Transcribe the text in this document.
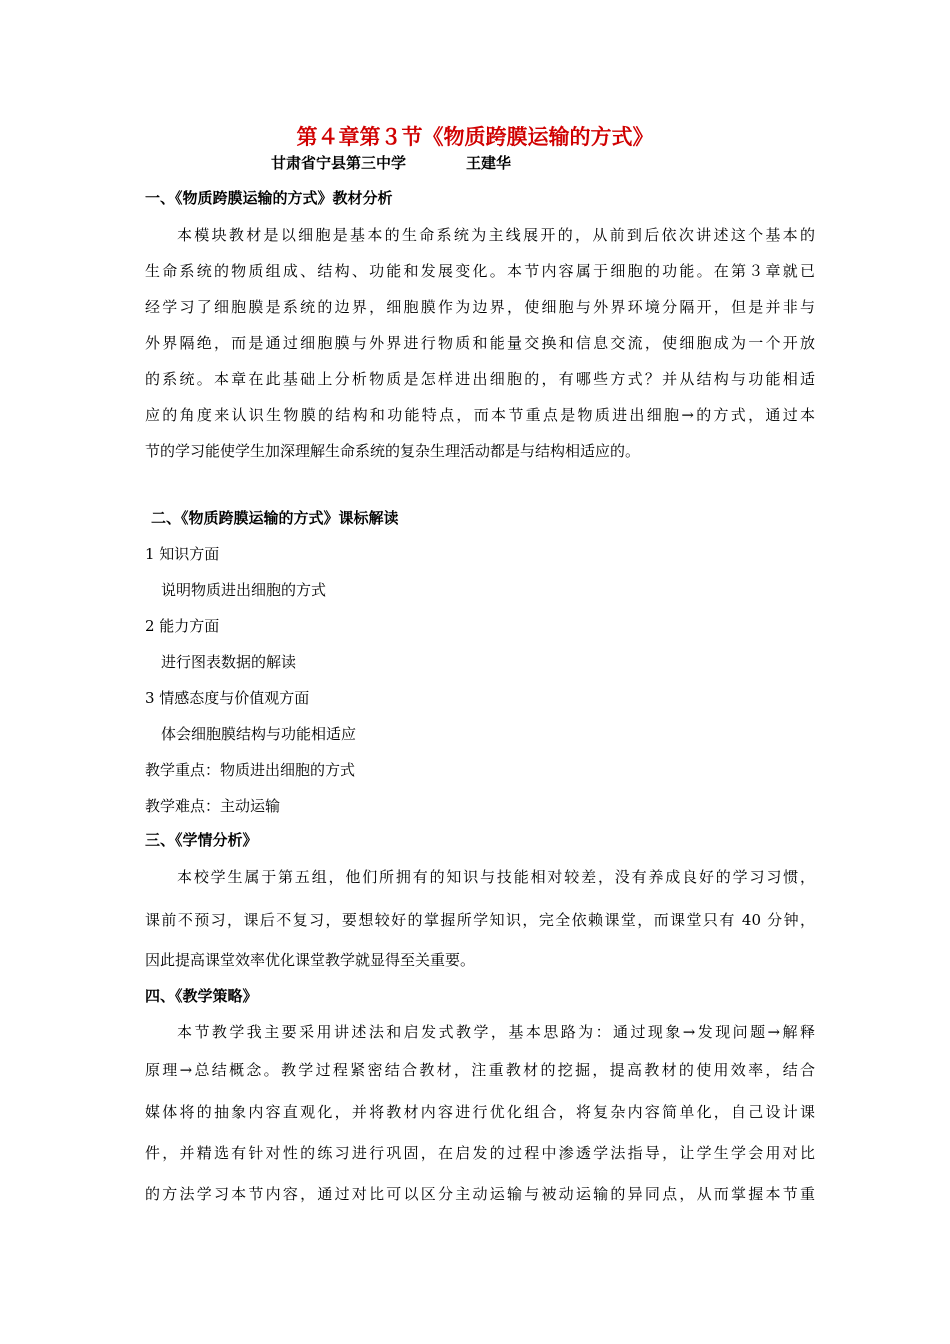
第４章第３节《物质跨膜运输的方式》
甘肃省宁县第三中学	王建华
一、《物质跨膜运输的方式》教材分析
本模块教材是以细胞是基本的生命系统为主线展开的，从前到后依次讲述这个基本的
生命系统的物质组成、结构、功能和发展变化。本节内容属于细胞的功能。在第３章就已
经学习了细胞膜是系统的边界，细胞膜作为边界，使细胞与外界环境分隔开，但是并非与
外界隔绝，而是通过细胞膜与外界进行物质和能量交换和信息交流，使细胞成为一个开放
的系统。本章在此基础上分析物质是怎样进出细胞的，有哪些方式？并从结构与功能相适
应的角度来认识生物膜的结构和功能特点，而本节重点是物质进出细胞→的方式，通过本
节的学习能使学生加深理解生命系统的复杂生理活动都是与结构相适应的。
二、《物质跨膜运输的方式》课标解读
1 知识方面
说明物质进出细胞的方式
2 能力方面
进行图表数据的解读
3 情感态度与价值观方面
体会细胞膜结构与功能相适应
教学重点：物质进出细胞的方式
教学难点：主动运输
三、《学情分析》
本校学生属于第五组，他们所拥有的知识与技能相对较差，没有养成良好的学习习惯，
课前不预习，课后不复习，要想较好的掌握所学知识，完全依赖课堂，而课堂只有 40 分钟，
因此提高课堂效率优化课堂教学就显得至关重要。
四、《教学策略》
本节教学我主要采用讲述法和启发式教学，基本思路为：通过现象→发现问题→解释
原理→总结概念。教学过程紧密结合教材，注重教材的挖掘，提高教材的使用效率，结合
媒体将的抽象内容直观化，并将教材内容进行优化组合，将复杂内容简单化，自己设计课
件，并精选有针对性的练习进行巩固，在启发的过程中渗透学法指导，让学生学会用对比
的方法学习本节内容，通过对比可以区分主动运输与被动运输的异同点，从而掌握本节重
